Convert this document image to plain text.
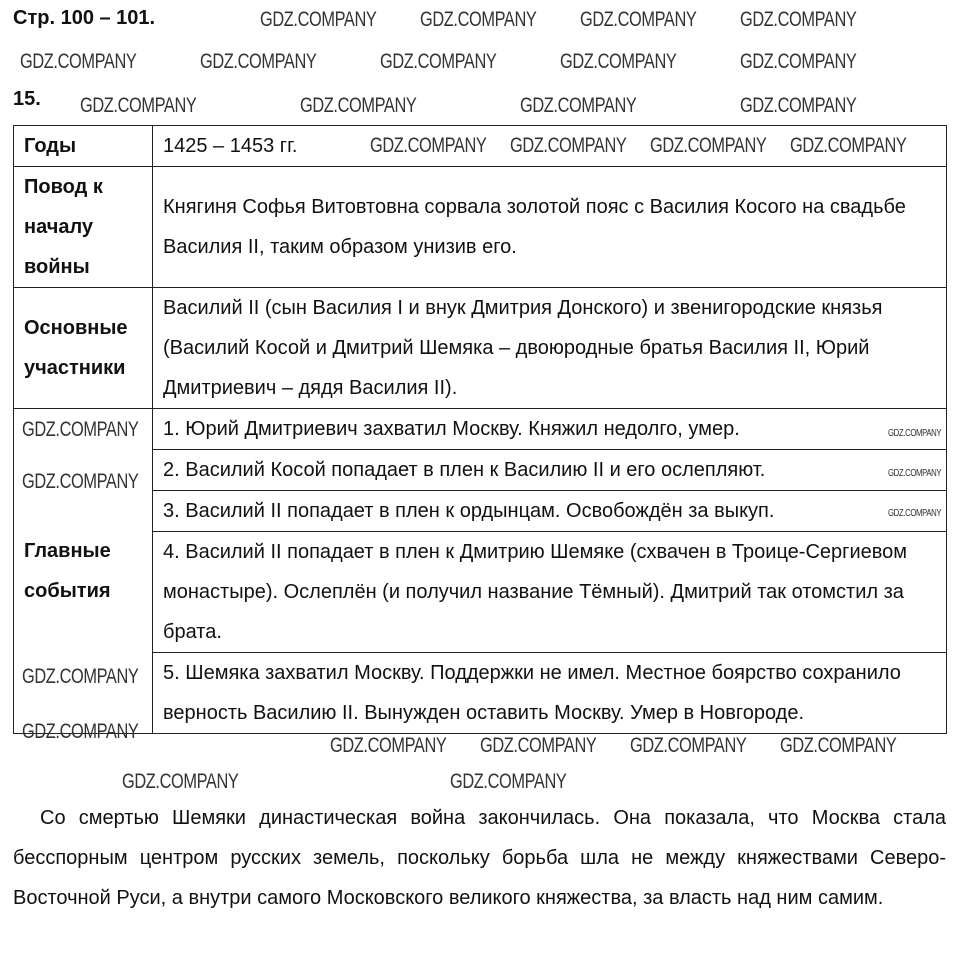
Стр. 100 – 101.
15.
Годы	1425 – 1453 гг.
Повод к началу войны	Княгиня Софья Витовтовна сорвала золотой пояс с Василия Косого на свадьбе Василия II, таким образом унизив его.
Основные участники	Василий II (сын Василия I и внук Дмитрия Донского) и звенигородские князья (Василий Косой и Дмитрий Шемяка – двоюродные братья Василия II, Юрий Дмитриевич – дядя Василия II).
Главные события	1. Юрий Дмитриевич захватил Москву. Княжил недолго, умер.
2. Василий Косой попадает в плен к Василию II и его ослепляют.
3. Василий II попадает в плен к ордынцам. Освобождён за выкуп.
4. Василий II попадает в плен к Дмитрию Шемяке (схвачен в Троице-Сергиевом монастыре). Ослеплён (и получил название Тёмный). Дмитрий так отомстил за брата.
5. Шемяка захватил Москву. Поддержки не имел. Местное боярство сохранило верность Василию II. Вынужден оставить Москву. Умер в Новгороде.
Со смертью Шемяки династическая война закончилась. Она показала, что Москва стала бесспорным центром русских земель, поскольку борьба шла не между княжествами Северо-Восточной Руси, а внутри самого Московского великого княжества, за власть над ним самим.
GDZ.COMPANY GDZ.COMPANY GDZ.COMPANY GDZ.COMPANY
GDZ.COMPANY	GDZ.COMPANY	GDZ.COMPANY	GDZ.COMPANY	GDZ.COMPANY
GDZ.COMPANY	GDZ.COMPANY	GDZ.COMPANY	GDZ.COMPANY
GDZ.COMPANY GDZ.COMPANY GDZ.COMPANY GDZ.COMPANY
GDZ.COMPANY
GDZ.COMPANY
GDZ.COMPANY
GDZ.COMPANY
GDZ.COMPANY
GDZ.COMPANY
GDZ.COMPANY
GDZ.COMPANY GDZ.COMPANY GDZ.COMPANY GDZ.COMPANY
GDZ.COMPANY	GDZ.COMPANY
